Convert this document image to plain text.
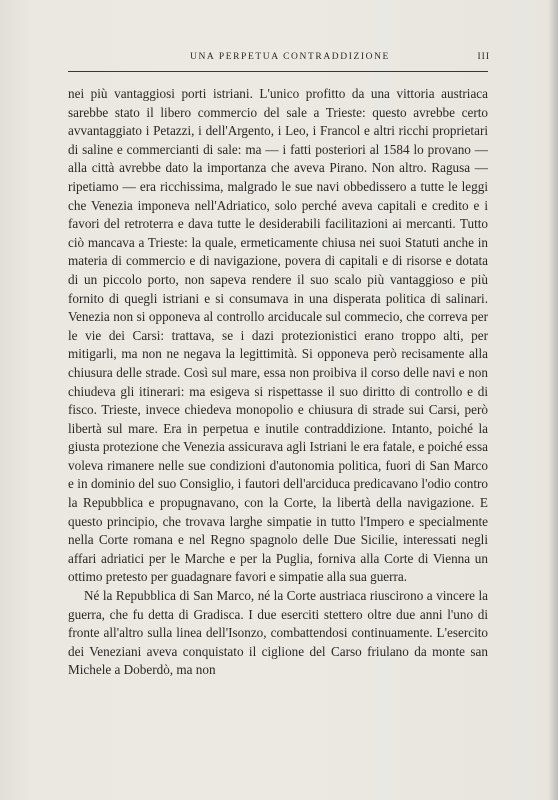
UNA PERPETUA CONTRADDIZIONE	III

nei più vantaggiosi porti istriani. L'unico profitto da una vittoria austriaca sarebbe stato il libero commercio del sale a Trieste: questo avrebbe certo avvantaggiato i Petazzi, i dell'Argento, i Leo, i Francol e altri ricchi proprietari di saline e commercianti di sale: ma — i fatti posteriori al 1584 lo provano — alla città avrebbe dato la importanza che aveva Pirano. Non altro. Ragusa — ripetiamo — era ricchissima, malgrado le sue navi obbedissero a tutte le leggi che Venezia imponeva nell'Adriatico, solo perché aveva capitali e credito e i favori del retroterra e dava tutte le desiderabili facilitazioni ai mercanti. Tutto ciò mancava a Trieste: la quale, ermeticamente chiusa nei suoi Statuti anche in materia di commercio e di navigazione, povera di capitali e di risorse e dotata di un piccolo porto, non sapeva rendere il suo scalo più vantaggioso e più fornito di quegli istriani e si consumava in una disperata politica di salinari. Venezia non si opponeva al controllo arciducale sul commecio, che correva per le vie dei Carsi: trattava, se i dazi protezionistici erano troppo alti, per mitigarli, ma non ne negava la legittimità. Si opponeva però recisamente alla chiusura delle strade. Così sul mare, essa non proibiva il corso delle navi e non chiudeva gli itinerari: ma esigeva si rispettasse il suo diritto di controllo e di fisco. Trieste, invece chiedeva monopolio e chiusura di strade sui Carsi, però libertà sul mare. Era in perpetua e inutile contraddizione. Intanto, poiché la giusta protezione che Venezia assicurava agli Istriani le era fatale, e poiché essa voleva rimanere nelle sue condizioni d'autonomia politica, fuori di San Marco e in dominio del suo Consiglio, i fautori dell'arciduca predicavano l'odio contro la Repubblica e propugnavano, con la Corte, la libertà della navigazione. E questo principio, che trovava larghe simpatie in tutto l'Impero e specialmente nella Corte romana e nel Regno spagnolo delle Due Sicilie, interessati negli affari adriatici per le Marche e per la Puglia, forniva alla Corte di Vienna un ottimo pretesto per guadagnare favori e simpatie alla sua guerra.

Né la Repubblica di San Marco, né la Corte austriaca riuscirono a vincere la guerra, che fu detta di Gradisca. I due eserciti stettero oltre due anni l'uno di fronte all'altro sulla linea dell'Isonzo, combattendosi continuamente. L'esercito dei Veneziani aveva conquistato il ciglione del Carso friulano da monte san Michele a Doberdò, ma non
